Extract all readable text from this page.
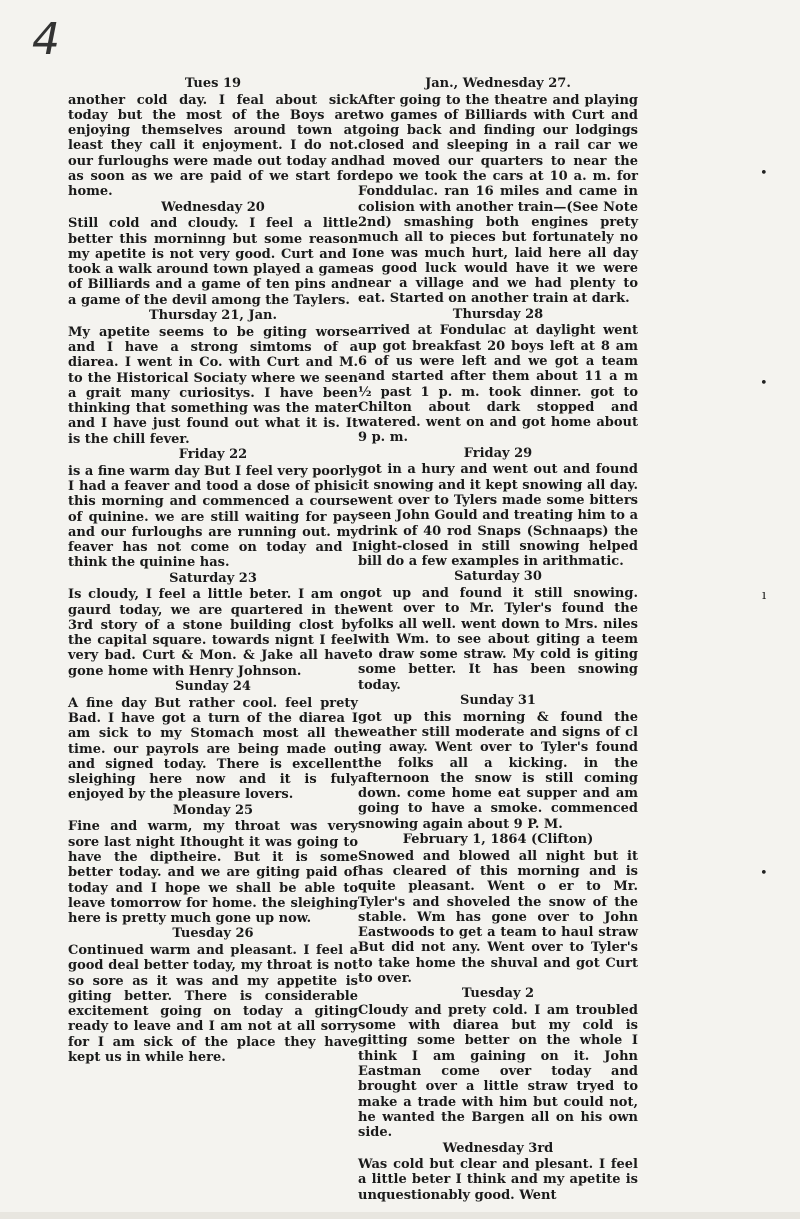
4
Tues 19

another cold day. I feal about sick today but the most of the Boys are enjoying themselves around town at least they call it enjoyment. I do not. our furloughs were made out today and as soon as we are paid of we start for home.

Wednesday 20

Still cold and cloudy. I feel a little better this morninng but some reason my apetite is not very good. Curt and I took a walk around town played a game of Billiards and a game of ten pins and a game of the devil among the Taylers.

Thursday 21, Jan.

My apetite seems to be giting worse and I have a strong simtoms of a diarea. I went in Co. with Curt and M. to the Historical Sociaty where we seen a grait many curiositys. I have been thinking that something was the mater and I have just found out what it is. It is the chill fever.

Friday 22

is a fine warm day But I feel very poorly I had a feaver and tood a dose of phisic this morning and commenced a course of quinine. we are still waiting for pay and our furloughs are running out. my feaver has not come on today and I think the quinine has.

Saturday 23

Is cloudy, I feel a little beter. I am on gaurd today, we are quartered in the 3rd story of a stone building clost by the capital square. towards nignt I feel very bad. Curt & Mon. & Jake all have gone home with Henry Johnson.

Sunday 24

A fine day But rather cool. feel prety Bad. I have got a turn of the diarea I am sick to my Stomach most all the time. our payrols are being made out and signed today. There is excellent sleighing here now and it is fuly enjoyed by the pleasure lovers.

Monday 25

Fine and warm, my throat was very sore last night Ithought it was going to have the diptheire. But it is some better today. and we are giting paid of today and I hope we shall be able to leave tomorrow for home. the sleighing here is pretty much gone up now.

Tuesday 26

Continued warm and pleasant. I feel a good deal better today, my throat is not so sore as it was and my appetite is giting better. There is considerable excitement going on today a giting ready to leave and I am not at all sorry for I am sick of the place they have kept us in while here.

Jan., Wednesday 27.

After going to the theatre and playing two games of Billiards with Curt and going back and finding our lodgings closed and sleeping in a rail car we had moved our quarters to near the depo we took the cars at 10 a. m. for Fonddulac. ran 16 miles and came in colision with another train—(See Note 2nd) smashing both engines prety much all to pieces but fortunately no one was much hurt, laid here all day as good luck would have it we were near a village and we had plenty to eat. Started on another train at dark.

Thursday 28

arrived at Fondulac at daylight went up got breakfast 20 boys left at 8 am 6 of us were left and we got a team and started after them about 11 a m ½ past 1 p. m. took dinner. got to Chilton about dark stopped and watered. went on and got home about 9 p. m.

Friday 29

got in a hury and went out and found it snowing and it kept snowing all day. went over to Tylers made some bitters seen John Gould and treating him to a drink of 40 rod Snaps (Schnaaps) the night-closed in still snowing helped bill do a few examples in arithmatic.

Saturday 30

got up and found it still snowing. went over to Mr. Tyler's found the folks all well. went down to Mrs. niles with Wm. to see about giting a teem to draw some straw. My cold is giting some better. It has been snowing today.

Sunday 31

got up this morning & found the weather still moderate and signs of cl ing away. Went over to Tyler's found the folks all a kicking. in the afternoon the snow is still coming down. come home eat supper and am going to have a smoke. commenced snowing again about 9 P. M.

February 1, 1864 (Clifton)

Snowed and blowed all night but it has cleared of this morning and is quite pleasant. Went o er to Mr. Tyler's and shoveled the snow of the stable. Wm has gone over to John Eastwoods to get a team to haul straw But did not any. Went over to Tyler's to take home the shuval and got Curt to over.

Tuesday 2

Cloudy and prety cold. I am troubled some with diarea but my cold is gitting some better on the whole I think I am gaining on it. John Eastman come over today and brought over a little straw tryed to make a trade with him but could not, he wanted the Bargen all on his own side.

Wednesday 3rd

Was cold but clear and plesant. I feel a little beter I think and my apetite is unquestionably good. Went

•
•
ı
•
